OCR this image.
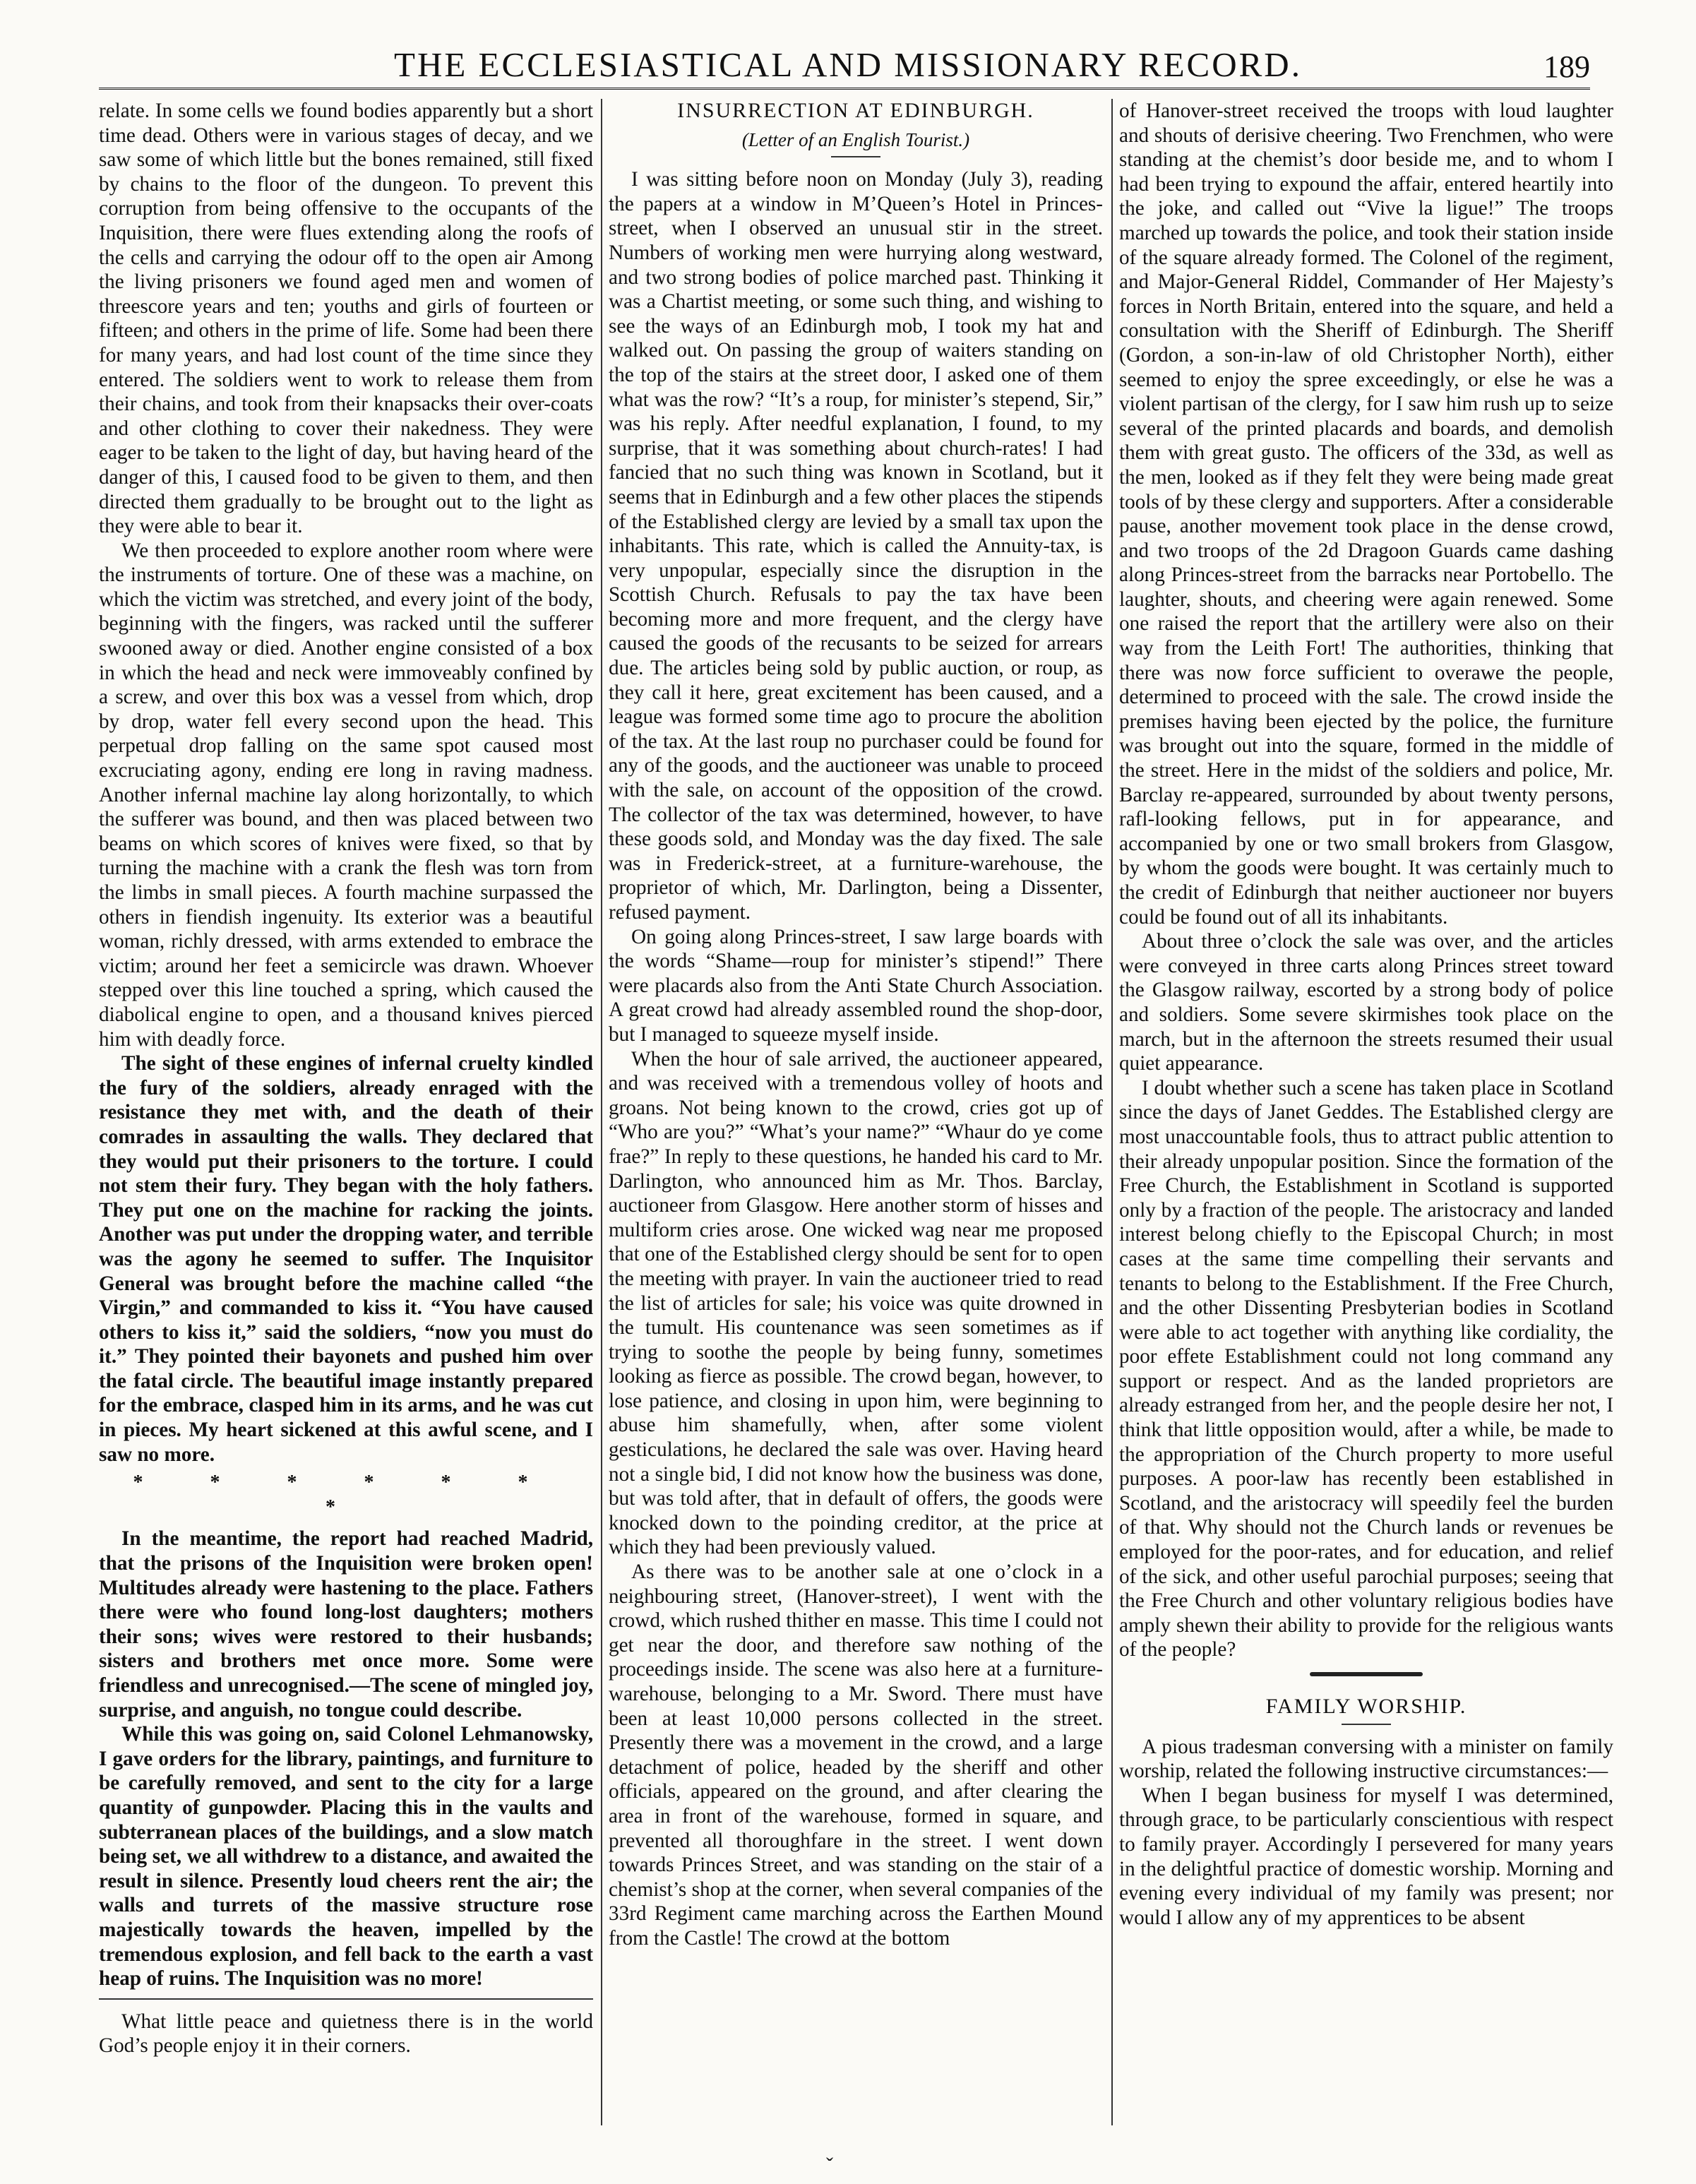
THE ECCLESIASTICAL AND MISSIONARY RECORD.	189

relate. In some cells we found bodies apparently but a short time dead. Others were in various stages of decay, and we saw some of which little but the bones remained, still fixed by chains to the floor of the dungeon. To prevent this corruption from being offensive to the occupants of the Inquisition, there were flues extending along the roofs of the cells and carrying the odour off to the open air Among the living prisoners we found aged men and women of threescore years and ten; youths and girls of fourteen or fifteen; and others in the prime of life. Some had been there for many years, and had lost count of the time since they entered. The soldiers went to work to release them from their chains, and took from their knapsacks their over-coats and other clothing to cover their nakedness. They were eager to be taken to the light of day, but having heard of the danger of this, I caused food to be given to them, and then directed them gradually to be brought out to the light as they were able to bear it.

We then proceeded to explore another room where were the instruments of torture. One of these was a machine, on which the victim was stretched, and every joint of the body, beginning with the fingers, was racked until the sufferer swooned away or died. Another engine consisted of a box in which the head and neck were immoveably confined by a screw, and over this box was a vessel from which, drop by drop, water fell every second upon the head. This perpetual drop falling on the same spot caused most excruciating agony, ending ere long in raving madness. Another infernal machine lay along horizontally, to which the sufferer was bound, and then was placed between two beams on which scores of knives were fixed, so that by turning the machine with a crank the flesh was torn from the limbs in small pieces. A fourth machine surpassed the others in fiendish ingenuity. Its exterior was a beautiful woman, richly dressed, with arms extended to embrace the victim; around her feet a semicircle was drawn. Whoever stepped over this line touched a spring, which caused the diabolical engine to open, and a thousand knives pierced him with deadly force.

The sight of these engines of infernal cruelty kindled the fury of the soldiers, already enraged with the resistance they met with, and the death of their comrades in assaulting the walls. They declared that they would put their prisoners to the torture. I could not stem their fury. They began with the holy fathers. They put one on the machine for racking the joints. Another was put under the dropping water, and terrible was the agony he seemed to suffer. The Inquisitor General was brought before the machine called “the Virgin,” and commanded to kiss it. “You have caused others to kiss it,” said the soldiers, “now you must do it.” They pointed their bayonets and pushed him over the fatal circle. The beautiful image instantly prepared for the embrace, clasped him in its arms, and he was cut in pieces. My heart sickened at this awful scene, and I saw no more.

* * * * * * *

In the meantime, the report had reached Madrid, that the prisons of the Inquisition were broken open! Multitudes already were hastening to the place. Fathers there were who found long-lost daughters; mothers their sons; wives were restored to their husbands; sisters and brothers met once more. Some were friendless and unrecognised.—The scene of mingled joy, surprise, and anguish, no tongue could describe.

While this was going on, said Colonel Lehmanowsky, I gave orders for the library, paintings, and furniture to be carefully removed, and sent to the city for a large quantity of gunpowder. Placing this in the vaults and subterranean places of the buildings, and a slow match being set, we all withdrew to a distance, and awaited the result in silence. Presently loud cheers rent the air; the walls and turrets of the massive structure rose majestically towards the heaven, impelled by the tremendous explosion, and fell back to the earth a vast heap of ruins. The Inquisition was no more!

What little peace and quietness there is in the world God’s people enjoy it in their corners.

INSURRECTION AT EDINBURGH.
(Letter of an English Tourist.)

I was sitting before noon on Monday (July 3), reading the papers at a window in M’Queen’s Hotel in Princes-street, when I observed an unusual stir in the street. Numbers of working men were hurrying along westward, and two strong bodies of police marched past. Thinking it was a Chartist meeting, or some such thing, and wishing to see the ways of an Edinburgh mob, I took my hat and walked out. On passing the group of waiters standing on the top of the stairs at the street door, I asked one of them what was the row? “It’s a roup, for minister’s stepend, Sir,” was his reply. After needful explanation, I found, to my surprise, that it was something about church-rates! I had fancied that no such thing was known in Scotland, but it seems that in Edinburgh and a few other places the stipends of the Established clergy are levied by a small tax upon the inhabitants. This rate, which is called the Annuity-tax, is very unpopular, especially since the disruption in the Scottish Church. Refusals to pay the tax have been becoming more and more frequent, and the clergy have caused the goods of the recusants to be seized for arrears due. The articles being sold by public auction, or roup, as they call it here, great excitement has been caused, and a league was formed some time ago to procure the abolition of the tax. At the last roup no purchaser could be found for any of the goods, and the auctioneer was unable to proceed with the sale, on account of the opposition of the crowd. The collector of the tax was determined, however, to have these goods sold, and Monday was the day fixed. The sale was in Frederick-street, at a furniture-warehouse, the proprietor of which, Mr. Darlington, being a Dissenter, refused payment.

On going along Princes-street, I saw large boards with the words “Shame—roup for minister’s stipend!” There were placards also from the Anti State Church Association. A great crowd had already assembled round the shop-door, but I managed to squeeze myself inside.

When the hour of sale arrived, the auctioneer appeared, and was received with a tremendous volley of hoots and groans. Not being known to the crowd, cries got up of “Who are you?” “What’s your name?” “Whaur do ye come frae?” In reply to these questions, he handed his card to Mr. Darlington, who announced him as Mr. Thos. Barclay, auctioneer from Glasgow. Here another storm of hisses and multiform cries arose. One wicked wag near me proposed that one of the Established clergy should be sent for to open the meeting with prayer. In vain the auctioneer tried to read the list of articles for sale; his voice was quite drowned in the tumult. His countenance was seen sometimes as if trying to soothe the people by being funny, sometimes looking as fierce as possible. The crowd began, however, to lose patience, and closing in upon him, were beginning to abuse him shamefully, when, after some violent gesticulations, he declared the sale was over. Having heard not a single bid, I did not know how the business was done, but was told after, that in default of offers, the goods were knocked down to the poinding creditor, at the price at which they had been previously valued.

As there was to be another sale at one o’clock in a neighbouring street, (Hanover-street), I went with the crowd, which rushed thither en masse. This time I could not get near the door, and therefore saw nothing of the proceedings inside. The scene was also here at a furniture-warehouse, belonging to a Mr. Sword. There must have been at least 10,000 persons collected in the street. Presently there was a movement in the crowd, and a large detachment of police, headed by the sheriff and other officials, appeared on the ground, and after clearing the area in front of the warehouse, formed in square, and prevented all thoroughfare in the street. I went down towards Princes Street, and was standing on the stair of a chemist’s shop at the corner, when several companies of the 33rd Regiment came marching across the Earthen Mound from the Castle! The crowd at the bottom

of Hanover-street received the troops with loud laughter and shouts of derisive cheering. Two Frenchmen, who were standing at the chemist’s door beside me, and to whom I had been trying to expound the affair, entered heartily into the joke, and called out “Vive la ligue!” The troops marched up towards the police, and took their station inside of the square already formed. The Colonel of the regiment, and Major-General Riddel, Commander of Her Majesty’s forces in North Britain, entered into the square, and held a consultation with the Sheriff of Edinburgh. The Sheriff (Gordon, a son-in-law of old Christopher North), either seemed to enjoy the spree exceedingly, or else he was a violent partisan of the clergy, for I saw him rush up to seize several of the printed placards and boards, and demolish them with great gusto. The officers of the 33d, as well as the men, looked as if they felt they were being made great tools of by these clergy and supporters. After a considerable pause, another movement took place in the dense crowd, and two troops of the 2d Dragoon Guards came dashing along Princes-street from the barracks near Portobello. The laughter, shouts, and cheering were again renewed. Some one raised the report that the artillery were also on their way from the Leith Fort! The authorities, thinking that there was now force sufficient to overawe the people, determined to proceed with the sale. The crowd inside the premises having been ejected by the police, the furniture was brought out into the square, formed in the middle of the street. Here in the midst of the soldiers and police, Mr. Barclay re-appeared, surrounded by about twenty persons, rafl-looking fellows, put in for appearance, and accompanied by one or two small brokers from Glasgow, by whom the goods were bought. It was certainly much to the credit of Edinburgh that neither auctioneer nor buyers could be found out of all its inhabitants.

About three o’clock the sale was over, and the articles were conveyed in three carts along Princes street toward the Glasgow railway, escorted by a strong body of police and soldiers. Some severe skirmishes took place on the march, but in the afternoon the streets resumed their usual quiet appearance.

I doubt whether such a scene has taken place in Scotland since the days of Janet Geddes. The Established clergy are most unaccountable fools, thus to attract public attention to their already unpopular position. Since the formation of the Free Church, the Establishment in Scotland is supported only by a fraction of the people. The aristocracy and landed interest belong chiefly to the Episcopal Church; in most cases at the same time compelling their servants and tenants to belong to the Establishment. If the Free Church, and the other Dissenting Presbyterian bodies in Scotland were able to act together with anything like cordiality, the poor effete Establishment could not long command any support or respect. And as the landed proprietors are already estranged from her, and the people desire her not, I think that little opposition would, after a while, be made to the appropriation of the Church property to more useful purposes. A poor-law has recently been established in Scotland, and the aristocracy will speedily feel the burden of that. Why should not the Church lands or revenues be employed for the poor-rates, and for education, and relief of the sick, and other useful parochial purposes; seeing that the Free Church and other voluntary religious bodies have amply shewn their ability to provide for the religious wants of the people?

FAMILY WORSHIP.

A pious tradesman conversing with a minister on family worship, related the following instructive circumstances:—

When I began business for myself I was determined, through grace, to be particularly conscientious with respect to family prayer. Accordingly I persevered for many years in the delightful practice of domestic worship. Morning and evening every individual of my family was present; nor would I allow any of my apprentices to be absent

ˇ
